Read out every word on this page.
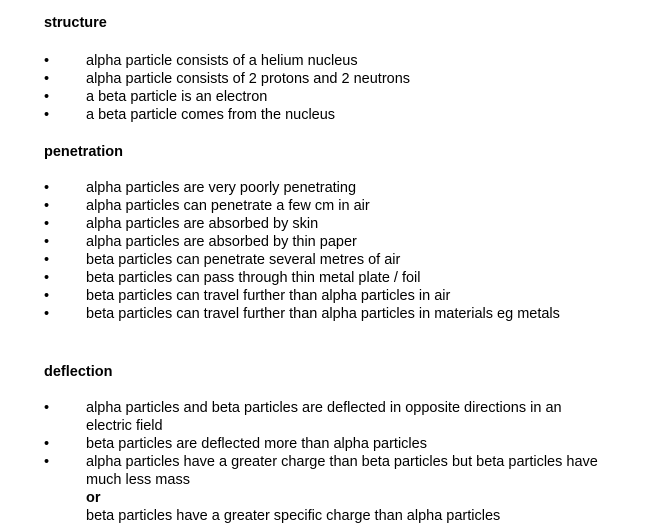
structure
•	alpha particle consists of a helium nucleus
•	alpha particle consists of 2 protons and 2 neutrons
•	a beta particle is an electron
•	a beta particle comes from the nucleus
penetration
•	alpha particles are very poorly penetrating
•	alpha particles can penetrate a few cm in air
•	alpha particles are absorbed by skin
•	alpha particles are absorbed by thin paper
•	beta particles can penetrate several metres of air
•	beta particles can pass through thin metal plate / foil
•	beta particles can travel further than alpha particles in air
•	beta particles can travel further than alpha particles in materials eg metals
deflection
•	alpha particles and beta particles are deflected in opposite directions in an electric field
•	beta particles are deflected more than alpha particles
•	alpha particles have a greater charge than beta particles but beta particles have much less mass
or
beta particles have a greater specific charge than alpha particles
